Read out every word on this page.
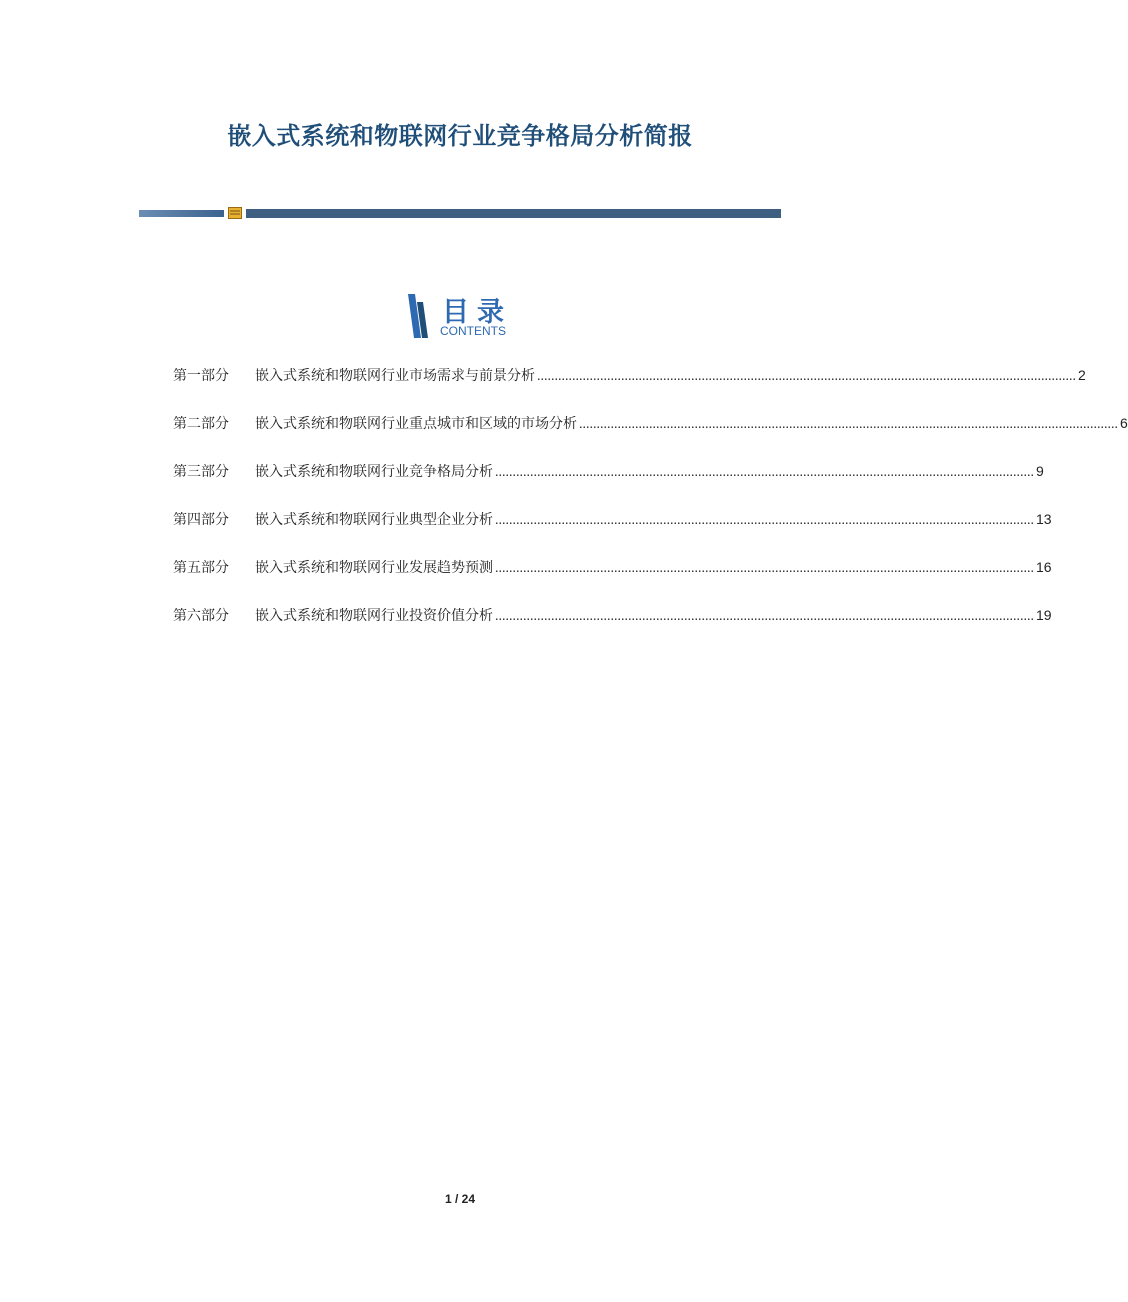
嵌入式系统和物联网行业竞争格局分析简报
目录
CONTENTS
第一部分	嵌入式系统和物联网行业市场需求与前景分析 .......................................................................................................................................................... 2
第二部分	嵌入式系统和物联网行业重点城市和区域的市场分析 .......................................................................................................................................................... 6
第三部分	嵌入式系统和物联网行业竞争格局分析 .......................................................................................................................................................... 9
第四部分	嵌入式系统和物联网行业典型企业分析 .......................................................................................................................................................... 13
第五部分	嵌入式系统和物联网行业发展趋势预测 .......................................................................................................................................................... 16
第六部分	嵌入式系统和物联网行业投资价值分析 .......................................................................................................................................................... 19
1 / 24
